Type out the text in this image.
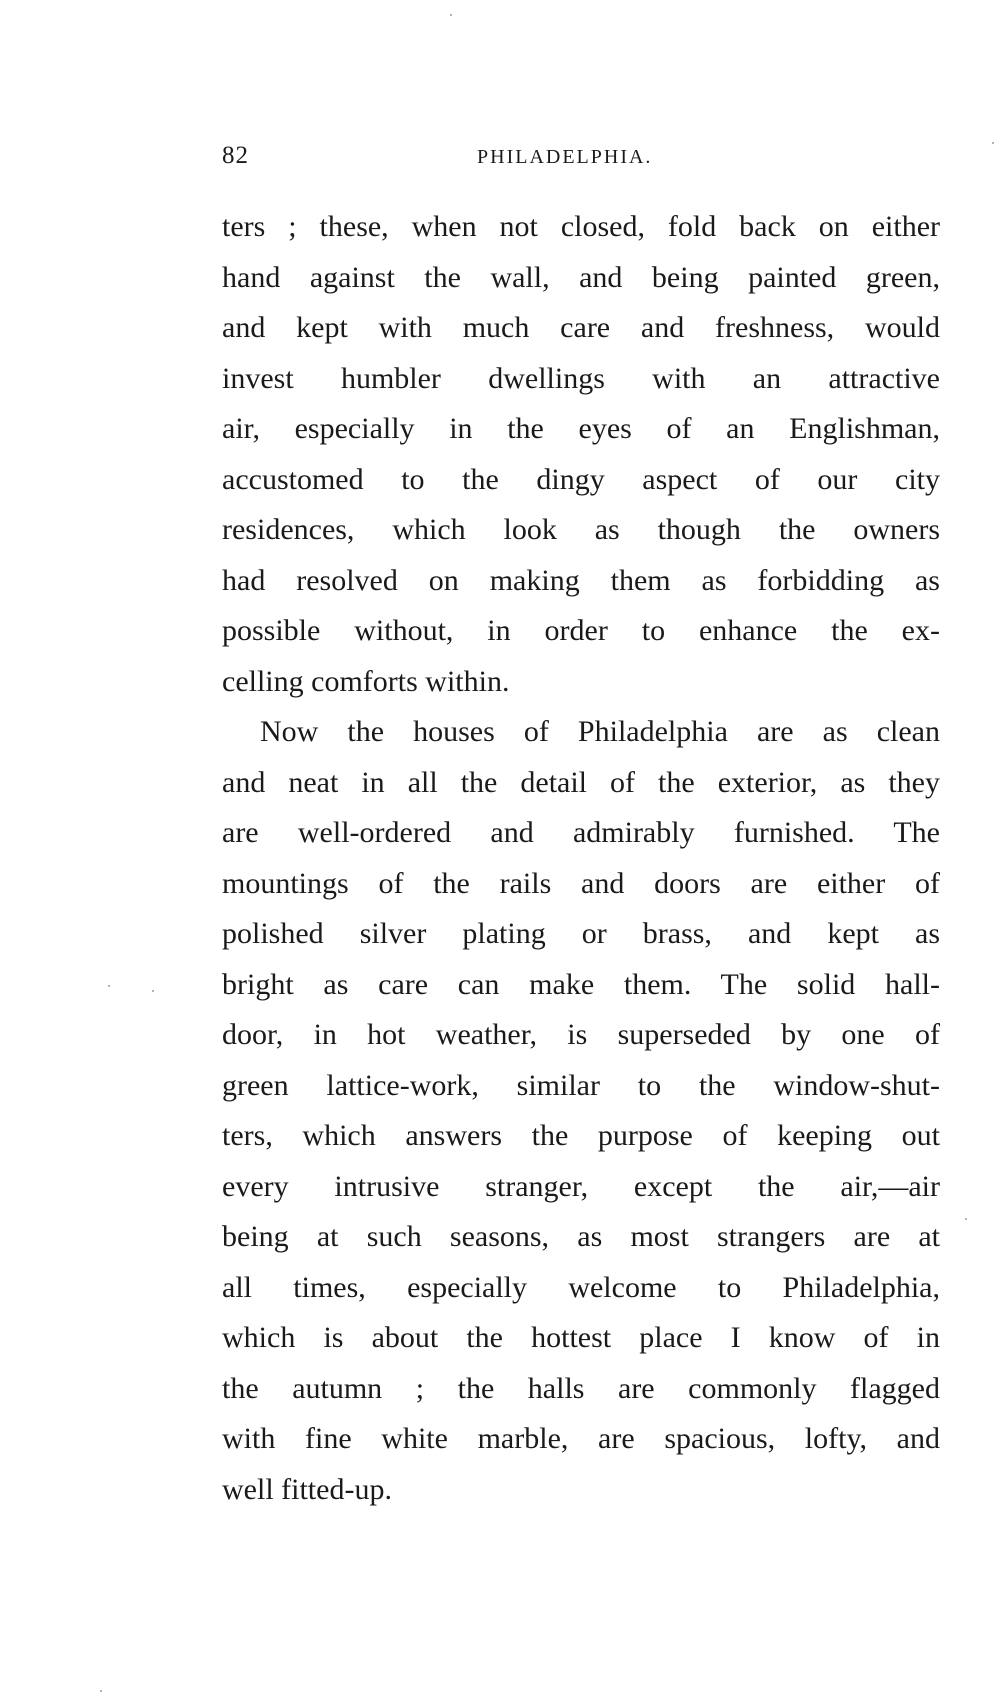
82	PHILADELPHIA.
ters ; these, when not closed, fold back on either
hand against the wall, and being painted green,
and kept with much care and freshness, would
invest humbler dwellings with an attractive
air, especially in the eyes of an Englishman,
accustomed to the dingy aspect of our city
residences, which look as though the owners
had resolved on making them as forbidding as
possible without, in order to enhance the ex-
celling comforts within.
Now the houses of Philadelphia are as clean
and neat in all the detail of the exterior, as they
are well-ordered and admirably furnished. The
mountings of the rails and doors are either of
polished silver plating or brass, and kept as
bright as care can make them. The solid hall-
door, in hot weather, is superseded by one of
green lattice-work, similar to the window-shut-
ters, which answers the purpose of keeping out
every intrusive stranger, except the air,—air
being at such seasons, as most strangers are at
all times, especially welcome to Philadelphia,
which is about the hottest place I know of in
the autumn ; the halls are commonly flagged
with fine white marble, are spacious, lofty, and
well fitted-up.
